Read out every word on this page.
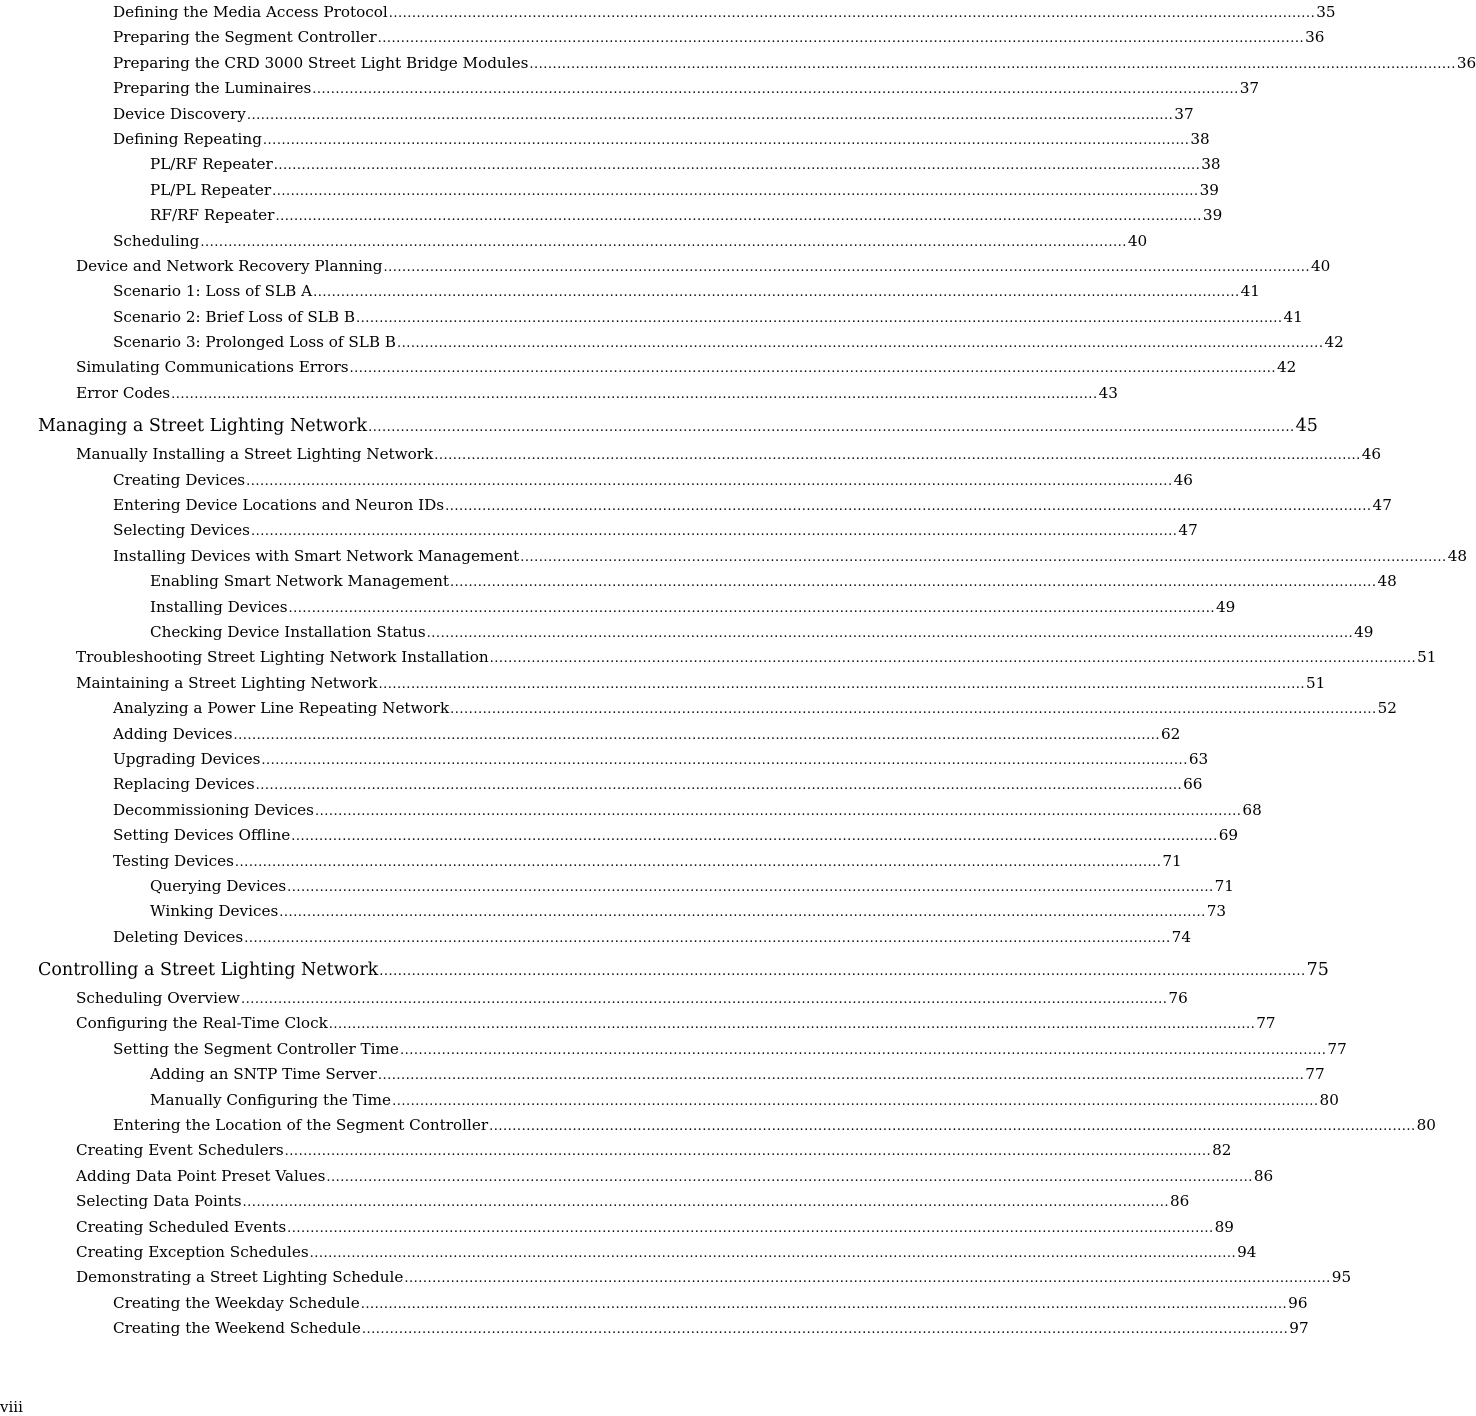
Defining the Media Access Protocol ........................................................................................................................................................................................................ 35
Preparing the Segment Controller ........................................................................................................................................................................................................ 36
Preparing the CRD 3000 Street Light Bridge Modules ........................................................................................................................................................................................................ 36
Preparing the Luminaires ........................................................................................................................................................................................................ 37
Device Discovery ........................................................................................................................................................................................................ 37
Defining Repeating ........................................................................................................................................................................................................ 38
PL/RF Repeater ........................................................................................................................................................................................................ 38
PL/PL Repeater ........................................................................................................................................................................................................ 39
RF/RF Repeater ........................................................................................................................................................................................................ 39
Scheduling ........................................................................................................................................................................................................ 40
Device and Network Recovery Planning ........................................................................................................................................................................................................ 40
Scenario 1: Loss of SLB A ........................................................................................................................................................................................................ 41
Scenario 2: Brief Loss of SLB B ........................................................................................................................................................................................................ 41
Scenario 3: Prolonged Loss of SLB B ........................................................................................................................................................................................................ 42
Simulating Communications Errors ........................................................................................................................................................................................................ 42
Error Codes ........................................................................................................................................................................................................ 43
Managing a Street Lighting Network ........................................................................................................................................................................................................ 45
Manually Installing a Street Lighting Network ........................................................................................................................................................................................................ 46
Creating Devices ........................................................................................................................................................................................................ 46
Entering Device Locations and Neuron IDs ........................................................................................................................................................................................................ 47
Selecting Devices ........................................................................................................................................................................................................ 47
Installing Devices with Smart Network Management ........................................................................................................................................................................................................ 48
Enabling Smart Network Management ........................................................................................................................................................................................................ 48
Installing Devices ........................................................................................................................................................................................................ 49
Checking Device Installation Status ........................................................................................................................................................................................................ 49
Troubleshooting Street Lighting Network Installation ........................................................................................................................................................................................................ 51
Maintaining a Street Lighting Network ........................................................................................................................................................................................................ 51
Analyzing a Power Line Repeating Network ........................................................................................................................................................................................................ 52
Adding Devices ........................................................................................................................................................................................................ 62
Upgrading Devices ........................................................................................................................................................................................................ 63
Replacing Devices ........................................................................................................................................................................................................ 66
Decommissioning Devices ........................................................................................................................................................................................................ 68
Setting Devices Offline ........................................................................................................................................................................................................ 69
Testing Devices ........................................................................................................................................................................................................ 71
Querying Devices ........................................................................................................................................................................................................ 71
Winking Devices ........................................................................................................................................................................................................ 73
Deleting Devices ........................................................................................................................................................................................................ 74
Controlling a Street Lighting Network ........................................................................................................................................................................................................ 75
Scheduling Overview ........................................................................................................................................................................................................ 76
Configuring the Real-Time Clock ........................................................................................................................................................................................................ 77
Setting the Segment Controller Time ........................................................................................................................................................................................................ 77
Adding an SNTP Time Server ........................................................................................................................................................................................................ 77
Manually Configuring the Time ........................................................................................................................................................................................................ 80
Entering the Location of the Segment Controller ........................................................................................................................................................................................................ 80
Creating Event Schedulers ........................................................................................................................................................................................................ 82
Adding Data Point Preset Values ........................................................................................................................................................................................................ 86
Selecting Data Points ........................................................................................................................................................................................................ 86
Creating Scheduled Events ........................................................................................................................................................................................................ 89
Creating Exception Schedules ........................................................................................................................................................................................................ 94
Demonstrating a Street Lighting Schedule ........................................................................................................................................................................................................ 95
Creating the Weekday Schedule ........................................................................................................................................................................................................ 96
Creating the Weekend Schedule ........................................................................................................................................................................................................ 97
viii
